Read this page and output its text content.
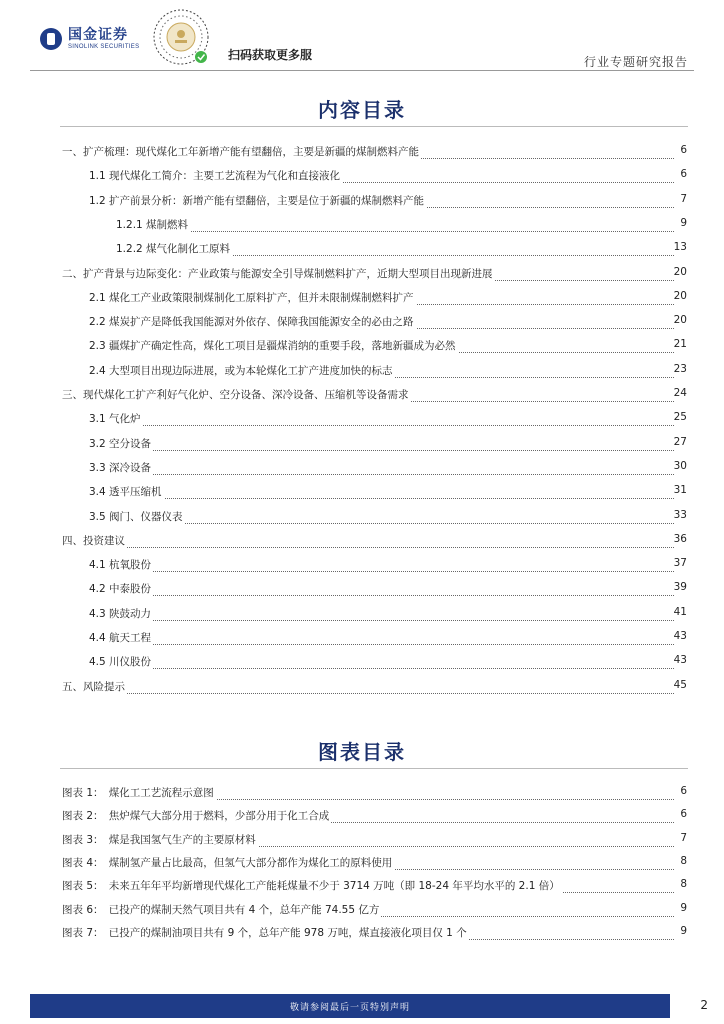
国金证券
SINOLINK SECURITIES
扫码获取更多服	行业专题研究报告
内容目录
一、扩产梳理：现代煤化工年新增产能有望翻倍，主要是新疆的煤制燃料产能	6
1.1 现代煤化工简介：主要工艺流程为气化和直接液化	6
1.2 扩产前景分析：新增产能有望翻倍，主要是位于新疆的煤制燃料产能	7
1.2.1 煤制燃料	9
1.2.2 煤气化制化工原料	13
二、扩产背景与边际变化：产业政策与能源安全引导煤制燃料扩产，近期大型项目出现新进展	20
2.1 煤化工产业政策限制煤制化工原料扩产，但并未限制煤制燃料扩产	20
2.2 煤炭扩产是降低我国能源对外依存、保障我国能源安全的必由之路	20
2.3 疆煤扩产确定性高，煤化工项目是疆煤消纳的重要手段，落地新疆成为必然	21
2.4 大型项目出现边际进展，或为本轮煤化工扩产进度加快的标志	23
三、现代煤化工扩产利好气化炉、空分设备、深冷设备、压缩机等设备需求	24
3.1 气化炉	25
3.2 空分设备	27
3.3 深冷设备	30
3.4 透平压缩机	31
3.5 阀门、仪器仪表	33
四、投资建议	36
4.1 杭氧股份	37
4.2 中泰股份	39
4.3 陕鼓动力	41
4.4 航天工程	43
4.5 川仪股份	43
五、风险提示	45
图表目录
图表 1：　煤化工工艺流程示意图	6
图表 2：　焦炉煤气大部分用于燃料，少部分用于化工合成	6
图表 3：　煤是我国氢气生产的主要原材料	7
图表 4：　煤制氢产量占比最高，但氢气大部分都作为煤化工的原料使用	8
图表 5：　未来五年年平均新增现代煤化工产能耗煤量不少于 3714 万吨（即 18-24 年平均水平的 2.1 倍）	8
图表 6：　已投产的煤制天然气项目共有 4 个，总年产能 74.55 亿方	9
图表 7：　已投产的煤制油项目共有 9 个，总年产能 978 万吨，煤直接液化项目仅 1 个	9
敬请参阅最后一页特别声明	2
